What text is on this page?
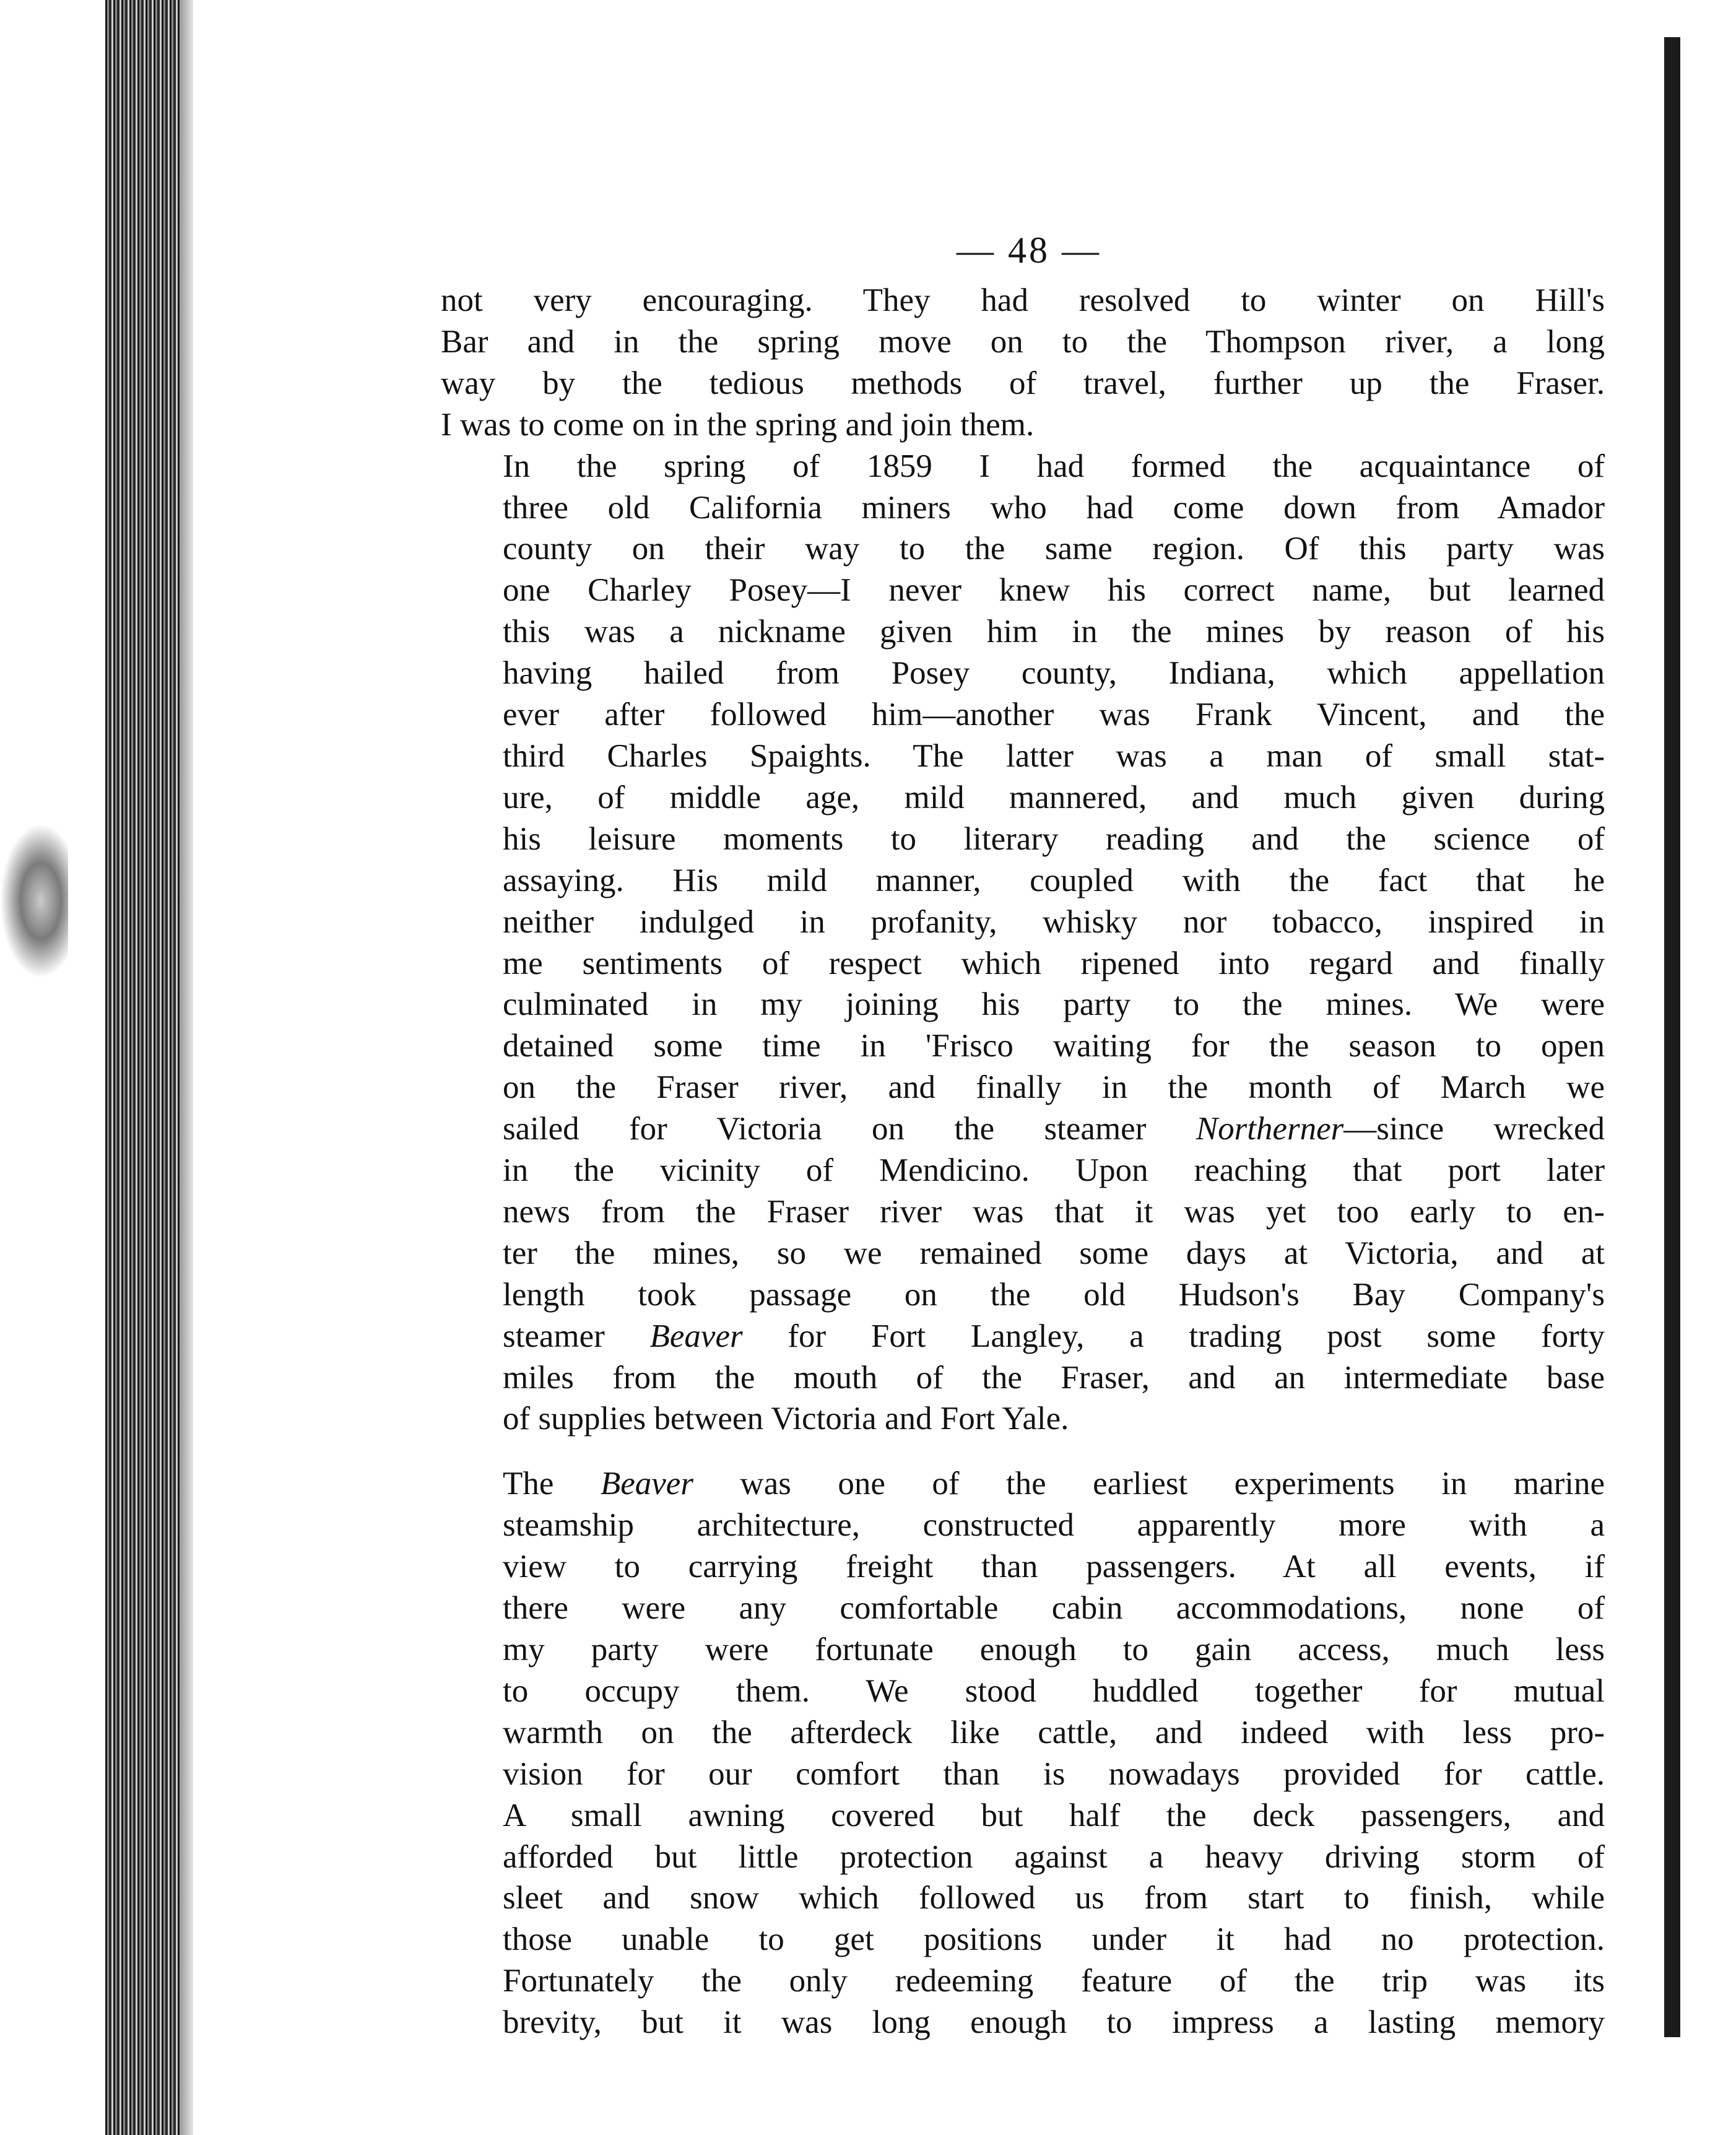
— 48 —

not very encouraging. They had resolved to winter on Hill's
Bar and in the spring move on to the Thompson river, a long
way by the tedious methods of travel, further up the Fraser.
I was to come on in the spring and join them.

In the spring of 1859 I had formed the acquaintance of
three old California miners who had come down from Amador
county on their way to the same region. Of this party was
one Charley Posey—I never knew his correct name, but learned
this was a nickname given him in the mines by reason of his
having hailed from Posey county, Indiana, which appellation
ever after followed him—another was Frank Vincent, and the
third Charles Spaights. The latter was a man of small stat-
ure, of middle age, mild mannered, and much given during
his leisure moments to literary reading and the science of
assaying. His mild manner, coupled with the fact that he
neither indulged in profanity, whisky nor tobacco, inspired in
me sentiments of respect which ripened into regard and finally
culminated in my joining his party to the mines. We were
detained some time in 'Frisco waiting for the season to open
on the Fraser river, and finally in the month of March we
sailed for Victoria on the steamer Northerner—since wrecked
in the vicinity of Mendicino. Upon reaching that port later
news from the Fraser river was that it was yet too early to en-
ter the mines, so we remained some days at Victoria, and at
length took passage on the old Hudson's Bay Company's
steamer Beaver for Fort Langley, a trading post some forty
miles from the mouth of the Fraser, and an intermediate base
of supplies between Victoria and Fort Yale.

The Beaver was one of the earliest experiments in marine
steamship architecture, constructed apparently more with a
view to carrying freight than passengers. At all events, if
there were any comfortable cabin accommodations, none of
my party were fortunate enough to gain access, much less
to occupy them. We stood huddled together for mutual
warmth on the afterdeck like cattle, and indeed with less pro-
vision for our comfort than is nowadays provided for cattle.
A small awning covered but half the deck passengers, and
afforded but little protection against a heavy driving storm of
sleet and snow which followed us from start to finish, while
those unable to get positions under it had no protection.
Fortunately the only redeeming feature of the trip was its
brevity, but it was long enough to impress a lasting memory
